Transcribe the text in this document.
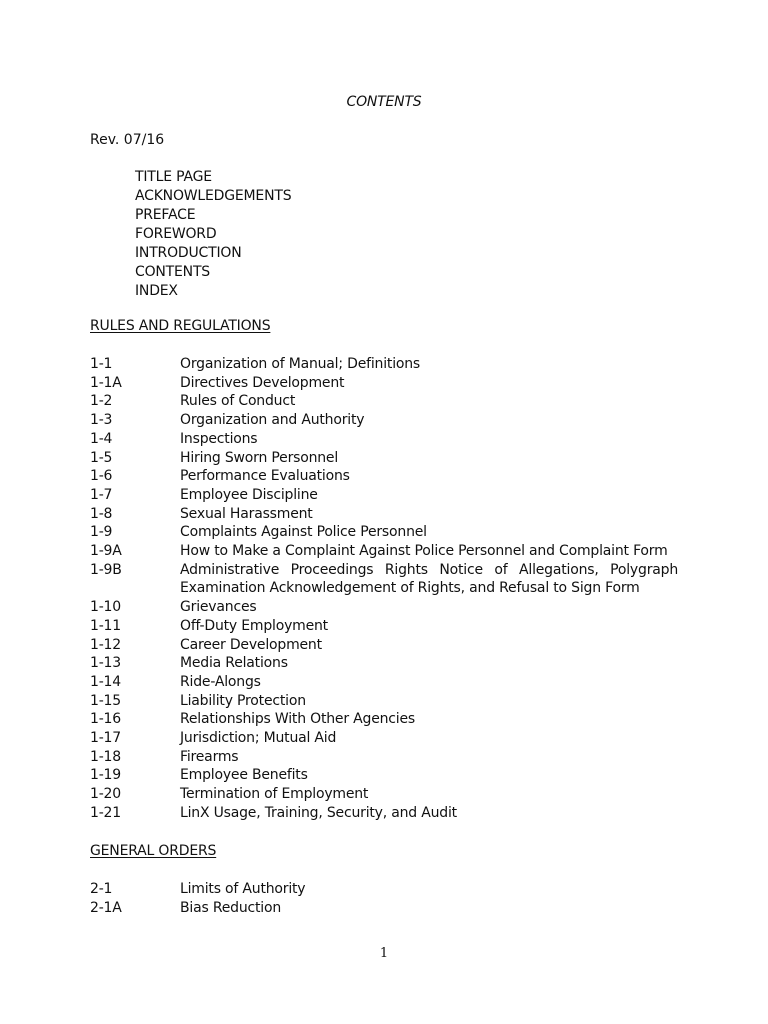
CONTENTS
Rev. 07/16
TITLE PAGE
ACKNOWLEDGEMENTS
PREFACE
FOREWORD
INTRODUCTION
CONTENTS
INDEX
RULES AND REGULATIONS
1-1	Organization of Manual; Definitions
1-1A	Directives Development
1-2	Rules of Conduct
1-3	Organization and Authority
1-4	Inspections
1-5	Hiring Sworn Personnel
1-6	Performance Evaluations
1-7	Employee Discipline
1-8	Sexual Harassment
1-9	Complaints Against Police Personnel
1-9A	How to Make a Complaint Against Police Personnel and Complaint Form
1-9B	Administrative Proceedings Rights Notice of Allegations, Polygraph Examination Acknowledgement of Rights, and Refusal to Sign Form
1-10	Grievances
1-11	Off-Duty Employment
1-12	Career Development
1-13	Media Relations
1-14	Ride-Alongs
1-15	Liability Protection
1-16	Relationships With Other Agencies
1-17	Jurisdiction; Mutual Aid
1-18	Firearms
1-19	Employee Benefits
1-20	Termination of Employment
1-21	LinX Usage, Training, Security, and Audit
GENERAL ORDERS
2-1	Limits of Authority
2-1A	Bias Reduction
1
